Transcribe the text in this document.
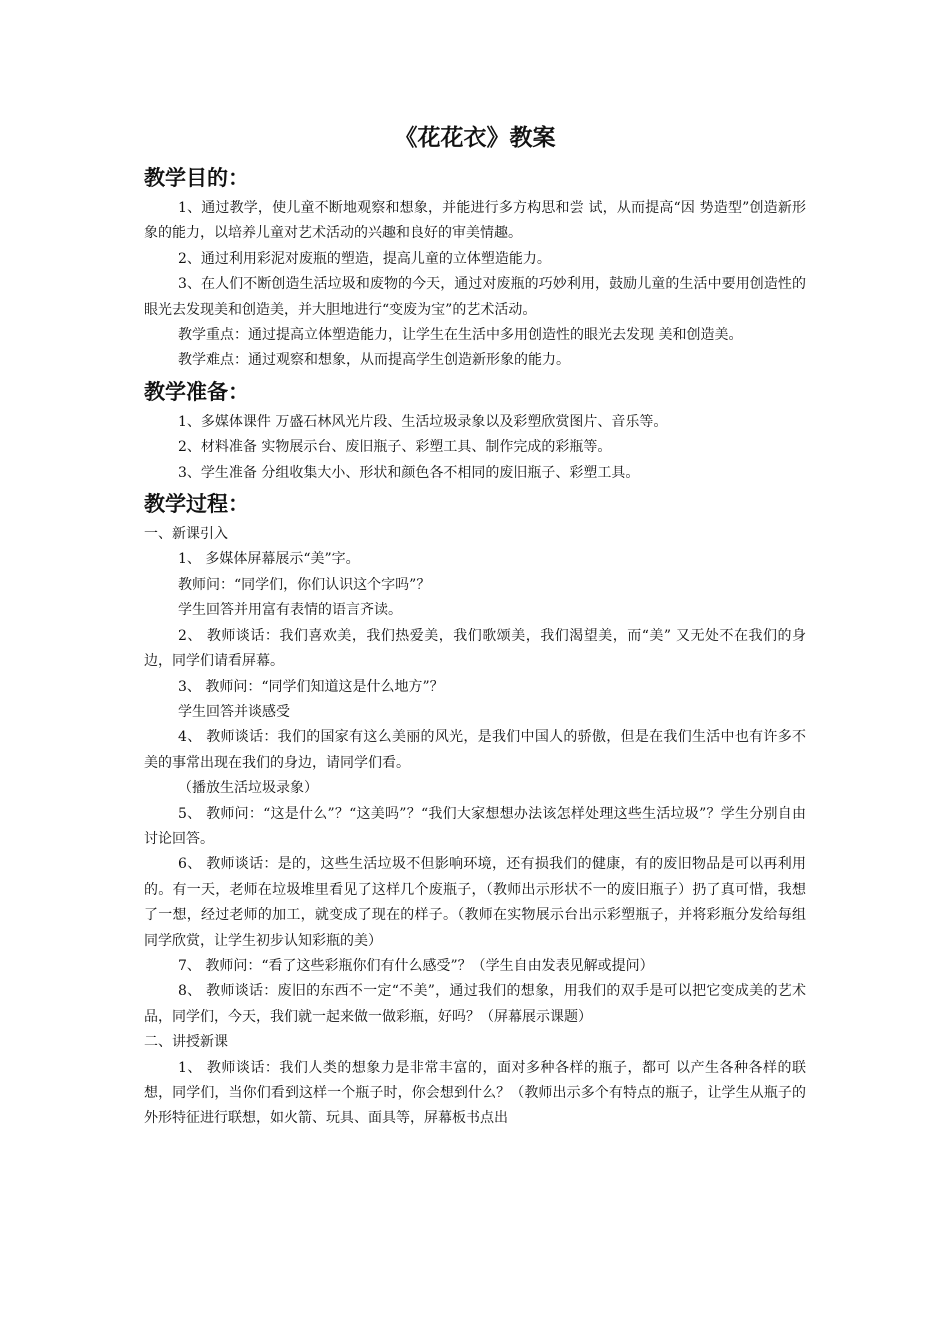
《花花衣》教案
教学目的：

1、通过教学，使儿童不断地观察和想象，并能进行多方构思和尝 试，从而提高“因 势造型”创造新形象的能力，以培养儿童对艺术活动的兴趣和良好的审美情趣。

2、通过利用彩泥对废瓶的塑造，提高儿童的立体塑造能力。

3、在人们不断创造生活垃圾和废物的今天，通过对废瓶的巧妙利用，鼓励儿童的生活中要用创造性的眼光去发现美和创造美，并大胆地进行“变废为宝”的艺术活动。

教学重点：通过提高立体塑造能力，让学生在生活中多用创造性的眼光去发现 美和创造美。

教学难点：通过观察和想象，从而提高学生创造新形象的能力。

教学准备：

1、多媒体课件 万盛石林风光片段、生活垃圾录象以及彩塑欣赏图片、音乐等。

2、材料准备 实物展示台、废旧瓶子、彩塑工具、制作完成的彩瓶等。

3、学生准备 分组收集大小、形状和颜色各不相同的废旧瓶子、彩塑工具。

教学过程：

一、新课引入

1、 多媒体屏幕展示“美”字。

教师问：“同学们，你们认识这个字吗”？

学生回答并用富有表情的语言齐读。

2、 教师谈话：我们喜欢美，我们热爱美，我们歌颂美，我们渴望美，而“美” 又无处不在我们的身边，同学们请看屏幕。

3、 教师问：“同学们知道这是什么地方”？

学生回答并谈感受

4、 教师谈话：我们的国家有这么美丽的风光，是我们中国人的骄傲，但是在我们生活中也有许多不美的事常出现在我们的身边，请同学们看。

（播放生活垃圾录象）

5、 教师问：“这是什么”？“这美吗”？“我们大家想想办法该怎样处理这些生活垃圾”？学生分别自由讨论回答。

6、 教师谈话：是的，这些生活垃圾不但影响环境，还有损我们的健康，有的废旧物品是可以再利用的。有一天，老师在垃圾堆里看见了这样几个废瓶子，（教师出示形状不一的废旧瓶子）扔了真可惜，我想了一想，经过老师的加工，就变成了现在的样子。（教师在实物展示台出示彩塑瓶子，并将彩瓶分发给每组同学欣赏，让学生初步认知彩瓶的美）

7、 教师问：“看了这些彩瓶你们有什么感受”？（学生自由发表见解或提问）

8、 教师谈话：废旧的东西不一定“不美”，通过我们的想象，用我们的双手是可以把它变成美的艺术品，同学们，今天，我们就一起来做一做彩瓶，好吗？（屏幕展示课题）

二、讲授新课

1、 教师谈话：我们人类的想象力是非常丰富的，面对多种各样的瓶子，都可 以产生各种各样的联想，同学们，当你们看到这样一个瓶子时，你会想到什么？（教师出示多个有特点的瓶子，让学生从瓶子的外形特征进行联想，如火箭、玩具、面具等，屏幕板书点出
